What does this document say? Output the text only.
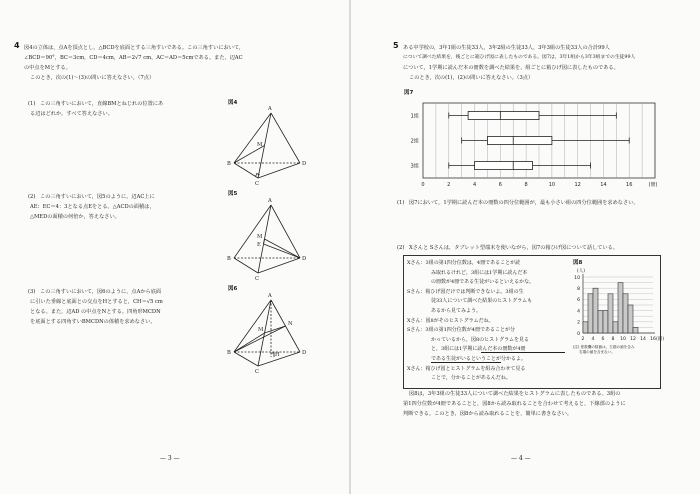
4 図4の立体は，点Aを頂点とし，△BCDを底面とする三角すいである。この三角すいにおいて，
∠BCD＝90°，BC＝3cm，CD＝4cm，AB＝2√7 cm，AC＝AD＝5cmである。また，辺AC
の中点をMとする。
このとき，次の(1)～(3)の問いに答えなさい。（7点）
(1) この三角すいにおいて，直線BMとねじれの位置にあ
る辺はどれか。すべて答えなさい。
(2) この三角すいにおいて，図5のように，辺AC上に
AE：EC＝4：3となる点Eをとる。△ACDの面積は，
△MEDの面積の何倍か，答えなさい。
(3) この三角すいにおいて，図6のように，点Aから底面
に引いた垂線と底面との交点をHとすると，CH＝√5 cm
となる。また，辺AD の中点をNとする。四角形MCDN
を底面とする四角すいBMCDNの体積を求めなさい。
図4
A
B
C
D
M
図5
A
B
C
D
M
E
図6
A
B
C
D
M
N
H
— 3 —
5 ある中学校の，3年1組の生徒33人，3年2組の生徒33人，3年3組の生徒33人の合計99人
について調べた結果を，後ごとに箱ひげ図に表したものである。図7は，3年1組から3年3組までの生徒99人
について，1学期に読んだ本の冊数を調べた結果を，組ごとに箱ひげ図に表したものである。
このとき，次の(1)，(2)の問いに答えなさい。（3点）
図7
1組
2組
3組
0	2	4	6	8	10	12	14	16	(冊)
(1) 図7において，1学期に読んだ本の冊数の四分位範囲が，最も小さい組の四分位範囲を求めなさい。
(2) Xさんと Sさんは，タブレット型端末を使いながら，図7の箱ひげ図について話している。
図8
0
2
4
6
8
10
2 4 6 8 10 12 14 16
(人)
(冊)
(注) 度数欄の数値は，左端の値を含み
右端の値を含まない。
図8は，3年3組の生徒33人について調べた結果をヒストグラムに表したものである。3組の
第1四分位数が4冊であることと，図8から読み取れることを合わせて考えると，下線部のように
判断できる。このとき，図8から読み取れることを，簡単に書きなさい。
— 4 —
Xさん：3組の第1四分位数は，4冊であることが読
み取れるけれど，3組には1学期に読んだ本
の冊数が4冊である生徒がいるといえるかな。
Sさん：箱ひげ図だけでは判断できないよ。3組の生
徒33人について調べた結果のヒストグラムも
あるから見てみよう。
Xさん：図8がそのヒストグラムだね。
Sさん：3組の第1四分位数が4冊であることが分
かっているから，図8のヒストグラムを見る
と，3組には1学期に読んだ本の冊数が4冊
である生徒がいるということが分かるよ。
Xさん：箱ひげ図とヒストグラムを組み合わせて見る
ことで，分かることがあるんだね。
